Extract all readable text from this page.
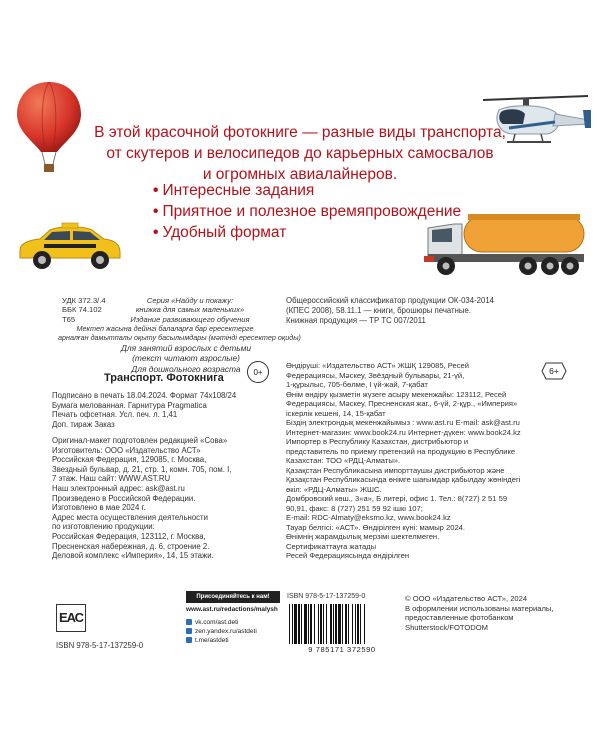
В этой красочной фотокниге — разные виды транспорта,
от скутеров и велосипедов до карьерных самосвалов
и огромных авиалайнеров.
• Интересные задания
• Приятное и полезное времяпровождение
• Удобный формат
УДК 372.3/.4
ББК 74.102
Т65
Серия «Найду и покажу:
книжка для самых маленьких»
Издание развивающего обучения
Мектеп жасына дейінгі балаларға бар ересектерге
арналған дамытпалы оқыту басылымдары (мәтінді ересектер оқиды)
Для занятий взрослых с детьми
(текст читают взрослые)
Для дошкольного возраста
Транспорт. Фотокнига	0+
Общероссийский классификатор продукции ОК-034-2014
(КПЕС 2008), 58.11.1 — книги, брошюры печатные.
Книжная продукция — ТР ТС 007/2011
Подписано в печать 18.04.2024. Формат 74х108/24
Бумага мелованная. Гарнитура Pragmatica
Печать офсетная. Усл. печ. л. 1,41
Доп. тираж Заказ
Оригинал-макет подготовлен редакцией «Сова»
Изготовитель: ООО «Издательство АСТ»
Российская Федерация, 129085, г. Москва,
Звездный бульвар, д. 21, стр. 1, комн. 705, пом. I,
7 этаж. Наш сайт: WWW.AST.RU
Наш электронный адрес: ask@ast.ru
Произведено в Российской Федерации.
Изготовлено в мае 2024 г.
Адрес места осуществления деятельности
по изготовлению продукции:
Российская Федерация, 123112, г. Москва,
Пресненская набережная, д. 6, строение 2.
Деловой комплекс «Империя», 14, 15 этажи.
6+
Өндіруші: «Издательство АСТ» ЖШҚ 129085, Ресей
Федерациясы, Мәскеу, Звёздный бульвары, 21-үй,
1-құрылыс, 705-бөлме, I үй-жай, 7-қабат
Өнім өндіру қызметін жүзеге асыру мекенжайы: 123112, Ресей
Федерациясы, Мәскеу, Пресненская жаг., 6-үй, 2-құр., «Империя»
іскерлік кешені, 14, 15-қабат
Біздің электрондық мекенжайымыз : www.ast.ru E-mail: ask@ast.ru
Интернет-магазин: www.book24.ru Интернет-дүкен: www.book24.kz
Импортер в Республику Казахстан, дистрибьютор и
представитель по приему претензий на продукцию в Республике
Казахстан: ТОО «РДЦ-Алматы».
Қазақстан Республикасына импорттаушы дистрибьютор және
Қазақстан Республикасында өнімге шағымдар қабылдау жөніндегі
өкіл: «РДЦ-Алматы» ЖШС.
Домбровский көш., 3«а», Б литері, офис 1. Тел.: 8(727) 2 51 59
90,91, факс: 8 (727) 251 59 92 ішкі 107;
E-mail: RDC-Almaty@eksmo.kz, www.book24.kz
Тауар белгісі: «АСТ». Өндірілген күні: мамыр 2024.
Өнімнің жарамдылық мерзімі шектелмеген.
Сертификаттауға жатады
Ресей Федерациясында өндірілген
ЕАС
ISBN 978-5-17-137259-0
Присоединяйтесь к нам!
www.ast.ru/redactions/malysh
vk.com/ast.deti
zen.yandex.ru/astdeti
t.me/astdeti
ISBN 978-5-17-137259-0
9 785171 372590
© ООО «Издательство АСТ», 2024
В оформлении использованы материалы,
предоставленные фотобанком
Shutterstock/FOTODOM
